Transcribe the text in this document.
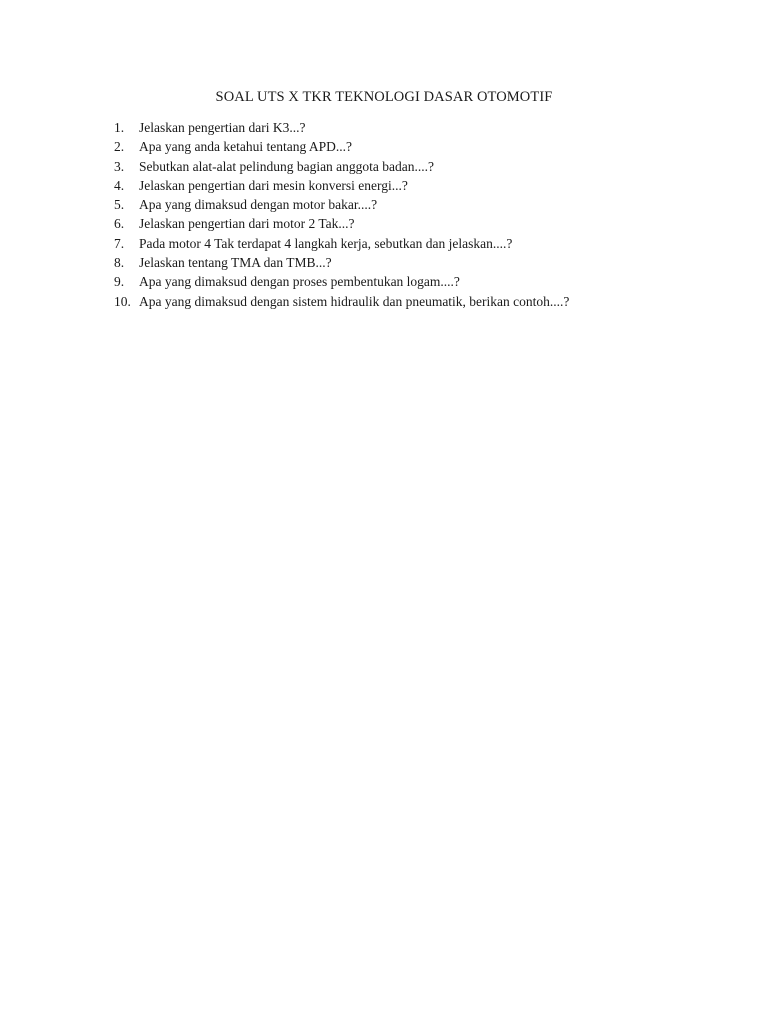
SOAL UTS X TKR TEKNOLOGI DASAR OTOMOTIF
1.	Jelaskan pengertian dari K3...?
2.	Apa yang anda ketahui tentang APD...?
3.	Sebutkan alat-alat pelindung bagian anggota badan....?
4.	Jelaskan pengertian dari mesin konversi energi...?
5.	Apa yang dimaksud dengan motor bakar....?
6.	Jelaskan pengertian dari motor 2 Tak...?
7.	Pada motor 4 Tak terdapat 4 langkah kerja, sebutkan dan jelaskan....?
8.	Jelaskan tentang TMA dan TMB...?
9.	Apa yang dimaksud dengan proses pembentukan logam....?
10. Apa yang dimaksud dengan sistem hidraulik dan pneumatik, berikan contoh....?
